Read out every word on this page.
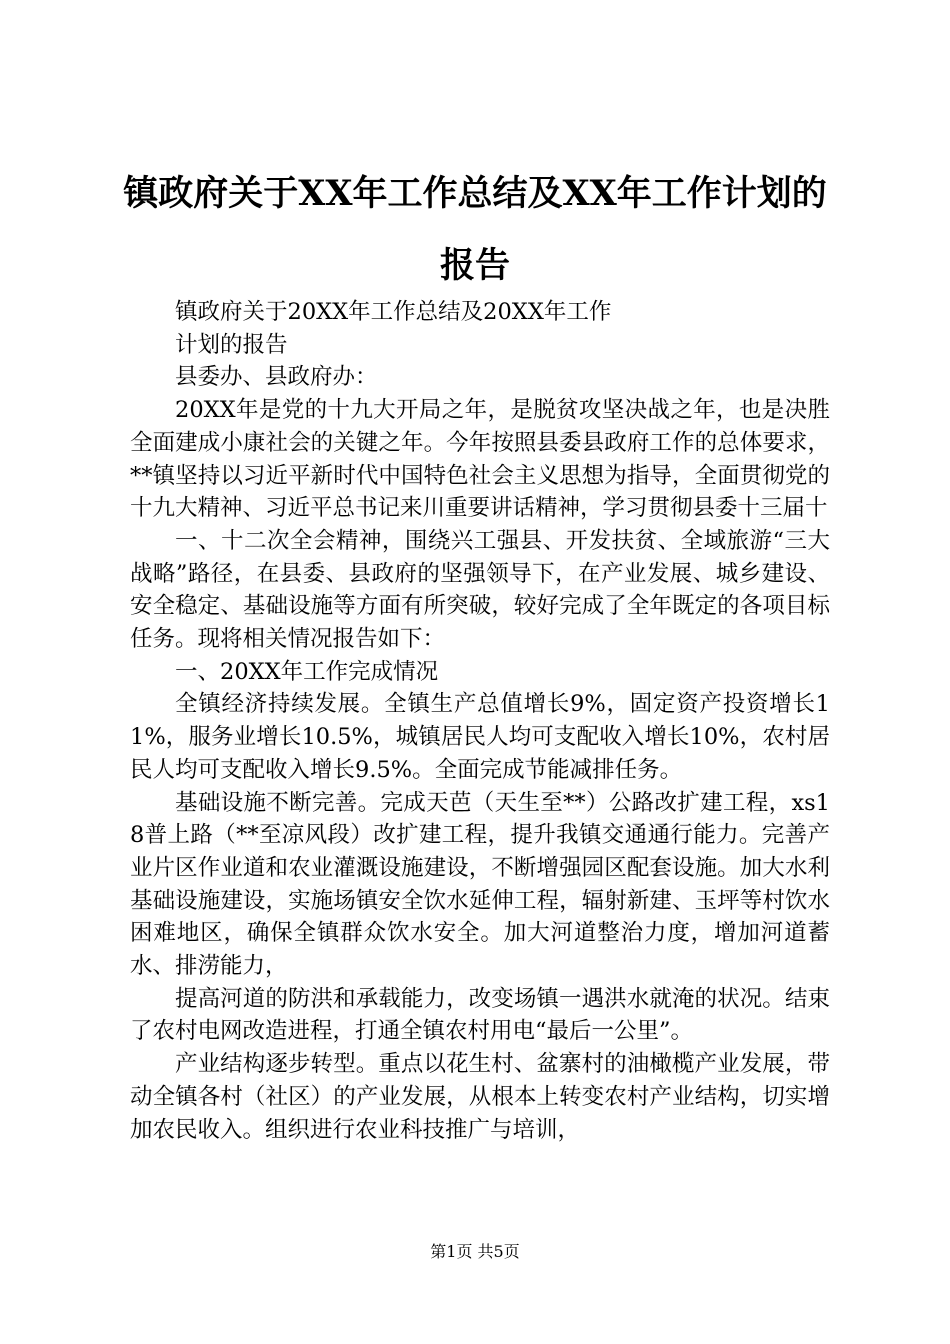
镇政府关于XX年工作总结及XX年工作计划的报告

镇政府关于20XX年工作总结及20XX年工作

计划的报告

县委办、县政府办：

20XX年是党的十九大开局之年，是脱贫攻坚决战之年，也是决胜全面建成小康社会的关键之年。今年按照县委县政府工作的总体要求，**镇坚持以习近平新时代中国特色社会主义思想为指导，全面贯彻党的十九大精神、习近平总书记来川重要讲话精神，学习贯彻县委十三届十

一、十二次全会精神，围绕兴工强县、开发扶贫、全域旅游“三大战略”路径，在县委、县政府的坚强领导下，在产业发展、城乡建设、安全稳定、基础设施等方面有所突破，较好完成了全年既定的各项目标任务。现将相关情况报告如下：

一、20XX年工作完成情况

全镇经济持续发展。全镇生产总值增长9%，固定资产投资增长11%，服务业增长10.5%，城镇居民人均可支配收入增长10%，农村居民人均可支配收入增长9.5%。全面完成节能减排任务。

基础设施不断完善。完成天芭（天生至**）公路改扩建工程，xs18普上路（**至凉风段）改扩建工程，提升我镇交通通行能力。完善产业片区作业道和农业灌溉设施建设，不断增强园区配套设施。加大水利基础设施建设，实施场镇安全饮水延伸工程，辐射新建、玉坪等村饮水困难地区，确保全镇群众饮水安全。加大河道整治力度，增加河道蓄水、排涝能力，

提高河道的防洪和承载能力，改变场镇一遇洪水就淹的状况。结束了农村电网改造进程，打通全镇农村用电“最后一公里”。

产业结构逐步转型。重点以花生村、盆寨村的油橄榄产业发展，带动全镇各村（社区）的产业发展，从根本上转变农村产业结构，切实增加农民收入。组织进行农业科技推广与培训，

第1页 共5页
